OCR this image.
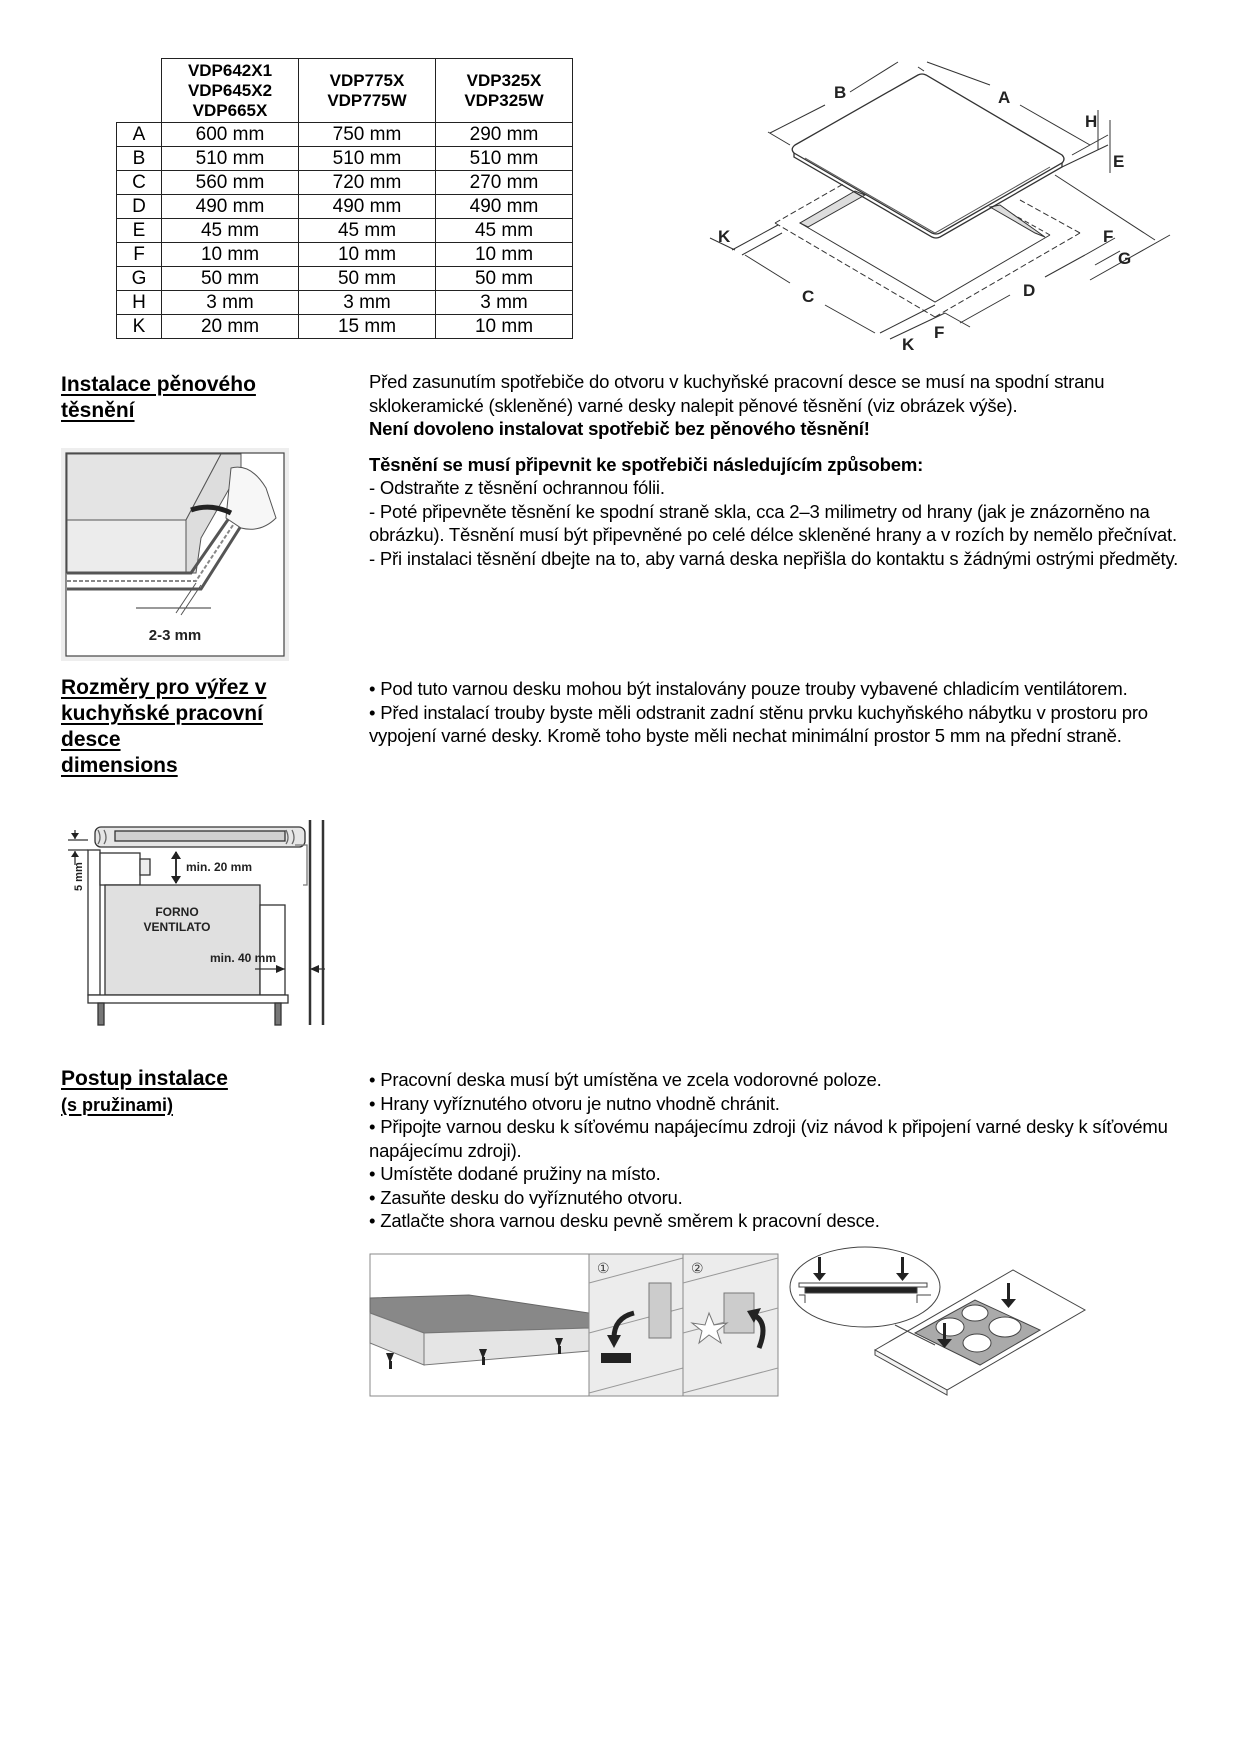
VDP642X1
VDP645X2
VDP665X

VDP775X
VDP775W

VDP325X
VDP325W

A	600 mm	750 mm	290 mm
B	510 mm	510 mm	510 mm
C	560 mm	720 mm	270 mm
D	490 mm	490 mm	490 mm
E	45 mm	45 mm	45 mm
F	10 mm	10 mm	10 mm
G	50 mm	50 mm	50 mm
H	3 mm	3 mm	3 mm
K	20 mm	15 mm	10 mm
B	A
H
E
K	F
G
C	D
F
K
Instalace pěnového
těsnění
2-3 mm

Před zasunutím spotřebiče do otvoru v kuchyňské pracovní desce se musí na spodní stranu sklokeramické (skleněné) varné desky nalepit pěnové těsnění (viz obrázek výše).

Není dovoleno instalovat spotřebič bez pěnového těsnění!

Těsnění se musí připevnit ke spotřebiči následujícím způsobem:

- Odstraňte z těsnění ochrannou fólii.

- Poté připevněte těsnění ke spodní straně skla, cca 2–3 milimetry od hrany (jak je znázorněno na obrázku). Těsnění musí být připevněné po celé délce skleněné hrany a v rozích by nemělo přečnívat.

- Při instalaci těsnění dbejte na to, aby varná deska nepřišla do kontaktu s žádnými ostrými předměty.

Rozměry pro výřez v
kuchyňské pracovní
desce
dimensions

• Pod tuto varnou desku mohou být instalovány pouze trouby vybavené chladicím ventilátorem.

• Před instalací trouby byste měli odstranit zadní stěnu prvku kuchyňského nábytku v prostoru pro vypojení varné desky. Kromě toho byste měli nechat minimální prostor 5 mm na přední straně.

5 mm	min. 20 mm
FORNO
VENTILATO
min. 40 mm
Postup instalace
(s pružinami)

• Pracovní deska musí být umístěna ve zcela vodorovné poloze.

• Hrany vyříznutého otvoru je nutno vhodně chránit.

• Připojte varnou desku k síťovému napájecímu zdroji (viz návod k připojení varné desky k síťovému napájecímu zdroji).

• Umístěte dodané pružiny na místo.

• Zasuňte desku do vyříznutého otvoru.

• Zatlačte shora varnou desku pevně směrem k pracovní desce.

①	②
